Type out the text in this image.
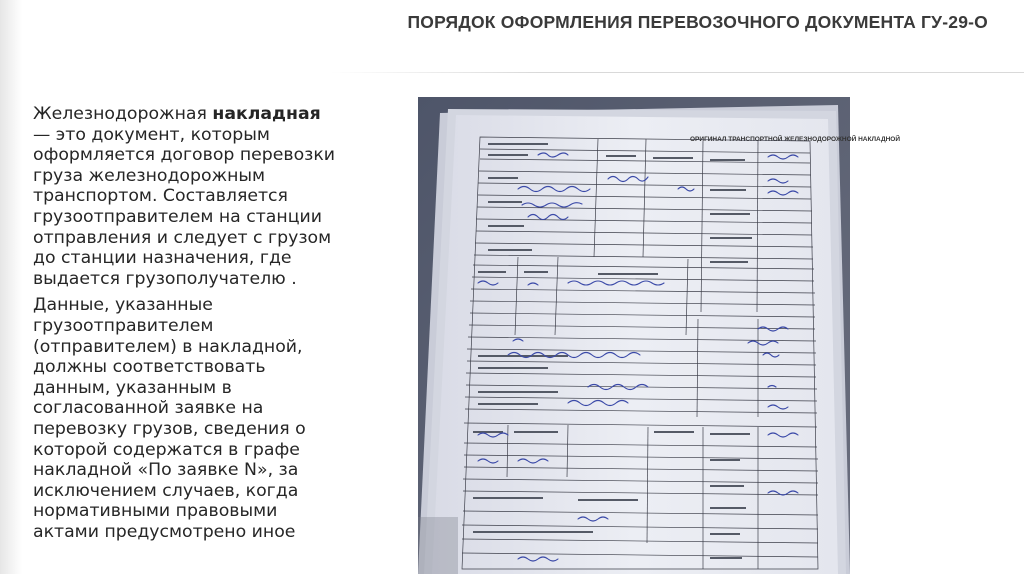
ПОРЯДОК ОФОРМЛЕНИЯ ПЕРЕВОЗОЧНОГО ДОКУМЕНТА ГУ-29-О

Железнодорожная накладная — это документ, которым оформляется договор перевозки груза железнодорожным транспортом. Составляется грузоотправителем на станции отправления и следует с грузом до станции назначения, где выдается грузополучателю .

Данные, указанные грузоотправителем (отправителем) в накладной, должны соответствовать данным, указанным в согласованной заявке на перевозку грузов, сведения о которой содержатся в графе накладной «По заявке N», за исключением случаев, когда нормативными правовыми актами предусмотрено иное

ОРИГИНАЛ ТРАНСПОРТНОЙ ЖЕЛЕЗНОДОРОЖНОЙ НАКЛАДНОЙ
